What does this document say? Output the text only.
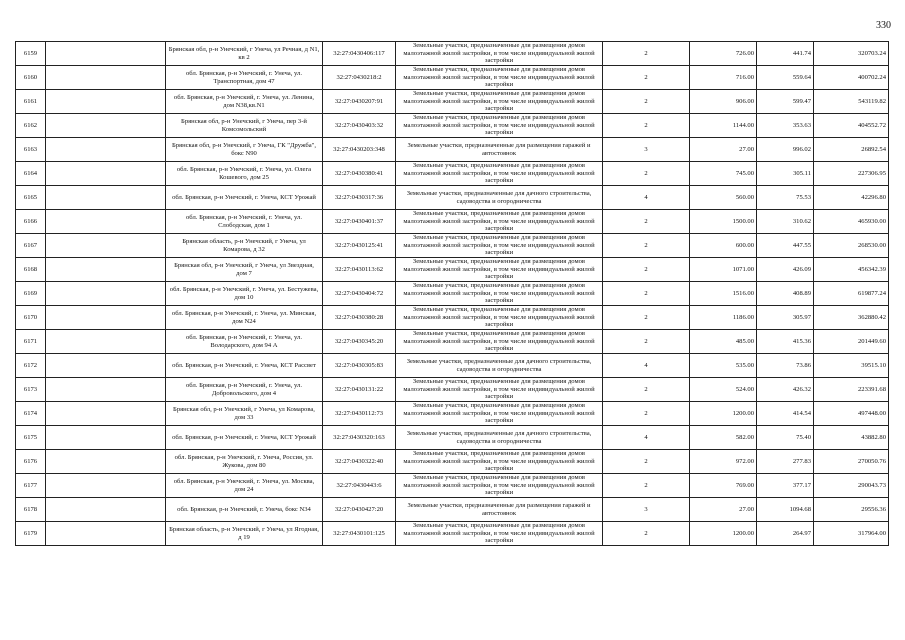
330
6159		Брянская обл, р-н Унечский, г Унеча, ул Речная, д N1, кв 2	32:27:0430406:117	Земельные участки, предназначенные для размещения домов малоэтажной жилой застройки, в том числе индивидуальной жилой застройки	2	726.00	441.74	320703.24
6160		обл. Брянская, р-н Унечский, г. Унеча, ул. Транспортная, дом 47	32:27:0430218:2	Земельные участки, предназначенные для размещения домов малоэтажной жилой застройки, в том числе индивидуальной жилой застройки	2	716.00	559.64	400702.24
6161		обл. Брянская, р-н Унечский, г. Унеча, ул. Ленина, дом N38,кв.N1	32:27:0430207:91	Земельные участки, предназначенные для размещения домов малоэтажной жилой застройки, в том числе индивидуальной жилой застройки	2	906.00	599.47	543119.82
6162		Брянская обл, р-н Унечский, г Унеча, пер 3-й Комсомольский	32:27:0430403:32	Земельные участки, предназначенные для размещения домов малоэтажной жилой застройки, в том числе индивидуальной жилой застройки	2	1144.00	353.63	404552.72
6163		Брянская обл, р-н Унечский, г Унеча, ГК "Дружба", бокс N90	32:27:0430203:348	Земельные участки, предназначенные для размещения гаражей и автостоянок	3	27.00	996.02	26892.54
6164		обл. Брянская, р-н Унечский, г. Унеча, ул. Олега Кошевого, дом 25	32:27:0430380:41	Земельные участки, предназначенные для размещения домов малоэтажной жилой застройки, в том числе индивидуальной жилой застройки	2	745.00	305.11	227306.95
6165		обл. Брянская, р-н Унечский, г. Унеча, КСТ Урожай	32:27:0430317:36	Земельные участки, предназначенные для дачного строительства, садоводства и огородничества	4	560.00	75.53	42296.80
6166		обл. Брянская, р-н Унечский, г. Унеча, ул. Слободская, дом 1	32:27:0430401:37	Земельные участки, предназначенные для размещения домов малоэтажной жилой застройки, в том числе индивидуальной жилой застройки	2	1500.00	310.62	465930.00
6167		Брянская область, р-н Унечский, г Унеча, ул Комарова, д 32	32:27:0430125:41	Земельные участки, предназначенные для размещения домов малоэтажной жилой застройки, в том числе индивидуальной жилой застройки	2	600.00	447.55	268530.00
6168		Брянская обл, р-н Унечский, г Унеча, ул Звездная, дом 7	32:27:0430113:62	Земельные участки, предназначенные для размещения домов малоэтажной жилой застройки, в том числе индивидуальной жилой застройки	2	1071.00	426.09	456342.39
6169		обл. Брянская, р-н Унечский, г. Унеча, ул. Бестужева, дом 10	32:27:0430404:72	Земельные участки, предназначенные для размещения домов малоэтажной жилой застройки, в том числе индивидуальной жилой застройки	2	1516.00	408.89	619877.24
6170		обл. Брянская, р-н Унечский, г. Унеча, ул. Минская, дом N24	32:27:0430380:28	Земельные участки, предназначенные для размещения домов малоэтажной жилой застройки, в том числе индивидуальной жилой застройки	2	1186.00	305.97	362880.42
6171		обл. Брянская, р-н Унечский, г. Унеча, ул. Володарского, дом 94 А	32:27:0430345:20	Земельные участки, предназначенные для размещения домов малоэтажной жилой застройки, в том числе индивидуальной жилой застройки	2	485.00	415.36	201449.60
6172		обл. Брянская, р-н Унечский, г. Унеча, КСТ Рассвет	32:27:0430305:83	Земельные участки, предназначенные для дачного строительства, садоводства и огородничества	4	535.00	73.86	39515.10
6173		обл. Брянская, р-н Унечский, г. Унеча, ул. Добровольского, дом 4	32:27:0430131:22	Земельные участки, предназначенные для размещения домов малоэтажной жилой застройки, в том числе индивидуальной жилой застройки	2	524.00	426.32	223391.68
6174		Брянская обл, р-н Унечский, г Унеча, ул Комарова, дом 33	32:27:0430112:73	Земельные участки, предназначенные для размещения домов малоэтажной жилой застройки, в том числе индивидуальной жилой застройки	2	1200.00	414.54	497448.00
6175		обл. Брянская, р-н Унечский, г. Унеча, КСТ Урожай	32:27:0430320:163	Земельные участки, предназначенные для дачного строительства, садоводства и огородничества	4	582.00	75.40	43882.80
6176		обл. Брянская, р-н Унечский, г. Унеча, Россия, ул. Жукова, дом 80	32:27:0430322:40	Земельные участки, предназначенные для размещения домов малоэтажной жилой застройки, в том числе индивидуальной жилой застройки	2	972.00	277.83	270050.76
6177		обл. Брянская, р-н Унечский, г. Унеча, ул. Москва, дом 24	32:27:0430443:6	Земельные участки, предназначенные для размещения домов малоэтажной жилой застройки, в том числе индивидуальной жилой застройки	2	769.00	377.17	290043.73
6178		обл. Брянская, р-н Унечский, г. Унеча, бокс N34	32:27:0430427:20	Земельные участки, предназначенные для размещения гаражей и автостоянок	3	27.00	1094.68	29556.36
6179		Брянская область, р-н Унечский, г Унеча, ул Ягодная, д 19	32:27:0430101:125	Земельные участки, предназначенные для размещения домов малоэтажной жилой застройки, в том числе индивидуальной жилой застройки	2	1200.00	264.97	317964.00
